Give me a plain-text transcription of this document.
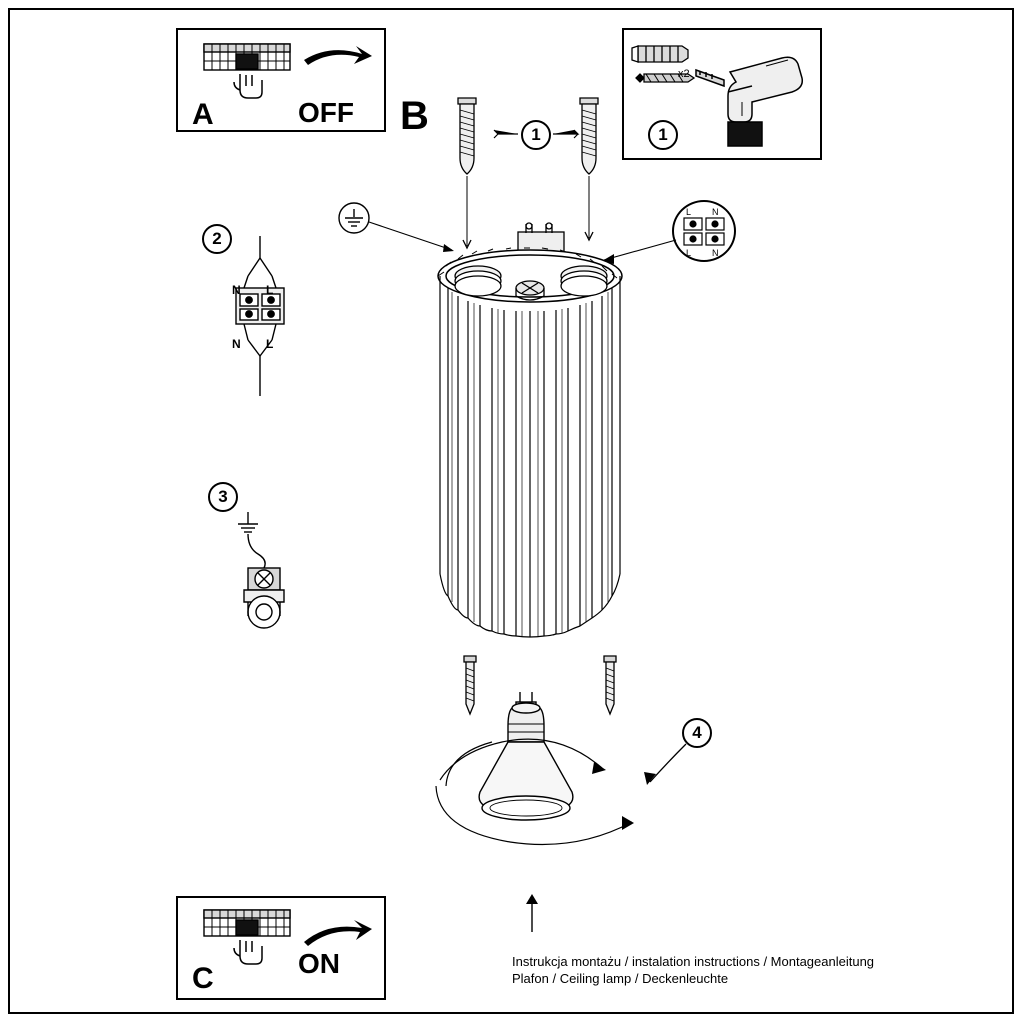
A	OFF
x2
1
B	1
2
N L
N L
3
L N
L N
4
C	ON	Instrukcja montażu / instalation instructions / Montageanleitung
Plafon / Ceiling lamp / Deckenleuchte
